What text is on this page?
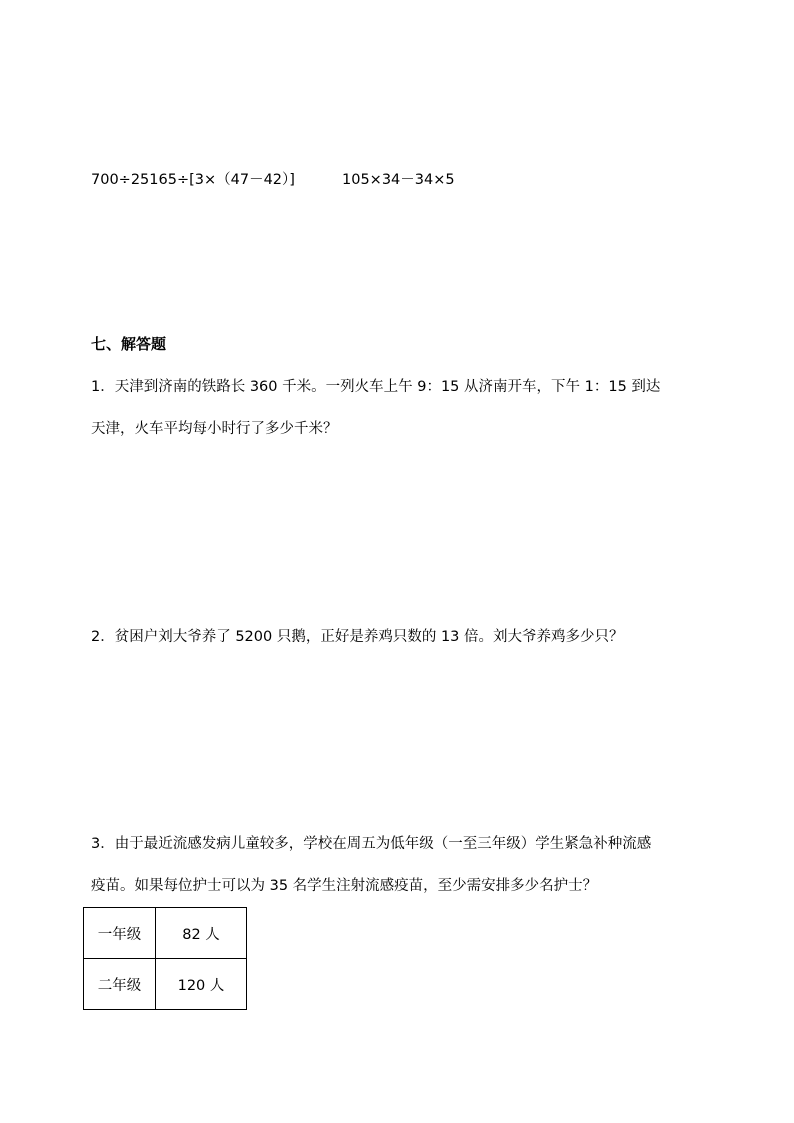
700÷25165÷[3×（47－42）]	105×34－34×5
七、解答题
1．天津到济南的铁路长 360 千米。一列火车上午 9：15 从济南开车，下午 1：15 到达
天津，火车平均每小时行了多少千米？
2．贫困户刘大爷养了 5200 只鹅，正好是养鸡只数的 13 倍。刘大爷养鸡多少只？
3．由于最近流感发病儿童较多，学校在周五为低年级（一至三年级）学生紧急补种流感
疫苗。如果每位护士可以为 35 名学生注射流感疫苗，至少需安排多少名护士？
一年级	82 人
二年级	120 人
